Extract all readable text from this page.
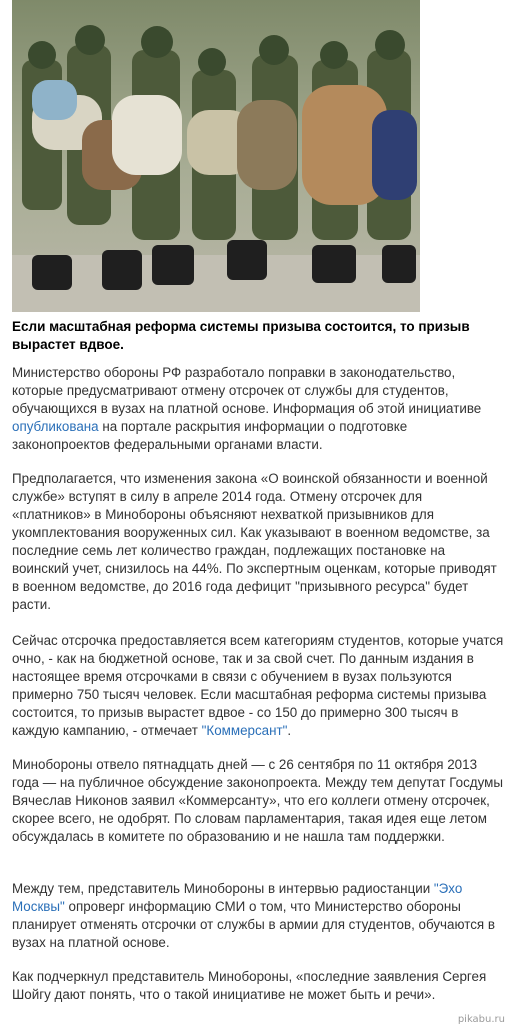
Если масштабная реформа системы призыва состоится, то призыв вырастет вдвое.

Министерство обороны РФ разработало поправки в законодательство, которые предусматривают отмену отсрочек от службы для студентов, обучающихся в вузах на платной основе. Информация об этой инициативе опубликована на портале раскрытия информации о подготовке законопроектов федеральными органами власти.

Предполагается, что изменения закона «О воинской обязанности и военной службе» вступят в силу в апреле 2014 года. Отмену отсрочек для «платников» в Минобороны объясняют нехваткой призывников для укомплектования вооруженных сил. Как указывают в военном ведомстве, за последние семь лет количество граждан, подлежащих постановке на воинский учет, снизилось на 44%. По экспертным оценкам, которые приводят в военном ведомстве, до 2016 года дефицит "призывного ресурса" будет расти.

Сейчас отсрочка предоставляется всем категориям студентов, которые учатся очно, - как на бюджетной основе, так и за свой счет. По данным издания в настоящее время отсрочками в связи с обучением в вузах пользуются примерно 750 тысяч человек. Если масштабная реформа системы призыва состоится, то призыв вырастет вдвое - со 150 до примерно 300 тысяч в каждую кампанию, - отмечает "Коммерсант".

Минобороны отвело пятнадцать дней — с 26 сентября по 11 октября 2013 года — на публичное обсуждение законопроекта. Между тем депутат Госдумы Вячеслав Никонов заявил «Коммерсанту», что его коллеги отмену отсрочек, скорее всего, не одобрят. По словам парламентария, такая идея еще летом обсуждалась в комитете по образованию и не нашла там поддержки.

Между тем, представитель Минобороны в интервью радиостанции "Эхо Москвы" опроверг информацию СМИ о том, что Министерство обороны планирует отменять отсрочки от службы в армии для студентов, обучаются в вузах на платной основе.

Как подчеркнул представитель Минобороны, «последние заявления Сергея Шойгу дают понять, что о такой инициативе не может быть и речи».

pikabu.ru
